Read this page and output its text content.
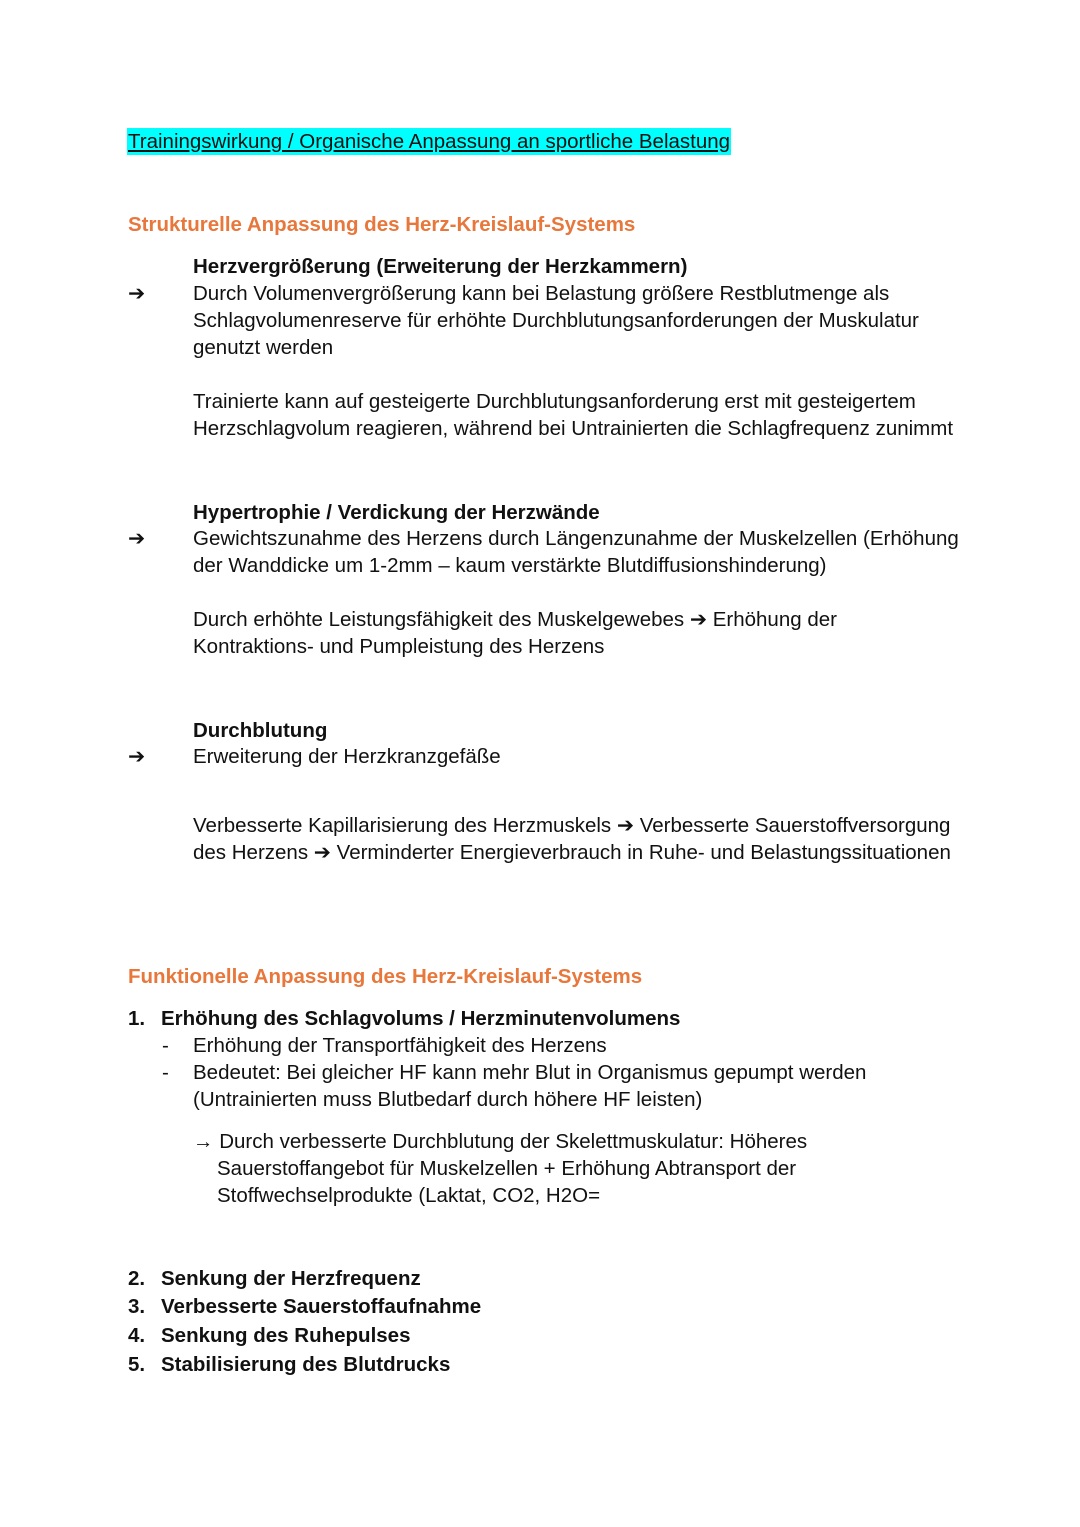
Trainingswirkung / Organische Anpassung an sportliche Belastung
Strukturelle Anpassung des Herz-Kreislauf-Systems
Herzvergrößerung (Erweiterung der Herzkammern)
➔ Durch Volumenvergrößerung kann bei Belastung größere Restblutmenge als
Schlagvolumenreserve für erhöhte Durchblutungsanforderungen der Muskulatur
genutzt werden
Trainierte kann auf gesteigerte Durchblutungsanforderung erst mit gesteigertem
Herzschlagvolum reagieren, während bei Untrainierten die Schlagfrequenz zunimmt
Hypertrophie / Verdickung der Herzwände
➔ Gewichtszunahme des Herzens durch Längenzunahme der Muskelzellen (Erhöhung
der Wanddicke um 1-2mm – kaum verstärkte Blutdiffusionshinderung)
Durch erhöhte Leistungsfähigkeit des Muskelgewebes ➔ Erhöhung der
Kontraktions- und Pumpleistung des Herzens
Durchblutung
➔ Erweiterung der Herzkranzgefäße
Verbesserte Kapillarisierung des Herzmuskels ➔ Verbesserte Sauerstoffversorgung
des Herzens ➔ Verminderter Energieverbrauch in Ruhe- und Belastungssituationen
Funktionelle Anpassung des Herz-Kreislauf-Systems
1. Erhöhung des Schlagvolums / Herzminutenvolumens
- Erhöhung der Transportfähigkeit des Herzens
- Bedeutet: Bei gleicher HF kann mehr Blut in Organismus gepumpt werden
(Untrainierten muss Blutbedarf durch höhere HF leisten)
→ Durch verbesserte Durchblutung der Skelettmuskulatur: Höheres
Sauerstoffangebot für Muskelzellen + Erhöhung Abtransport der
Stoffwechselprodukte (Laktat, CO2, H2O=
2. Senkung der Herzfrequenz
3. Verbesserte Sauerstoffaufnahme
4. Senkung des Ruhepulses
5. Stabilisierung des Blutdrucks
